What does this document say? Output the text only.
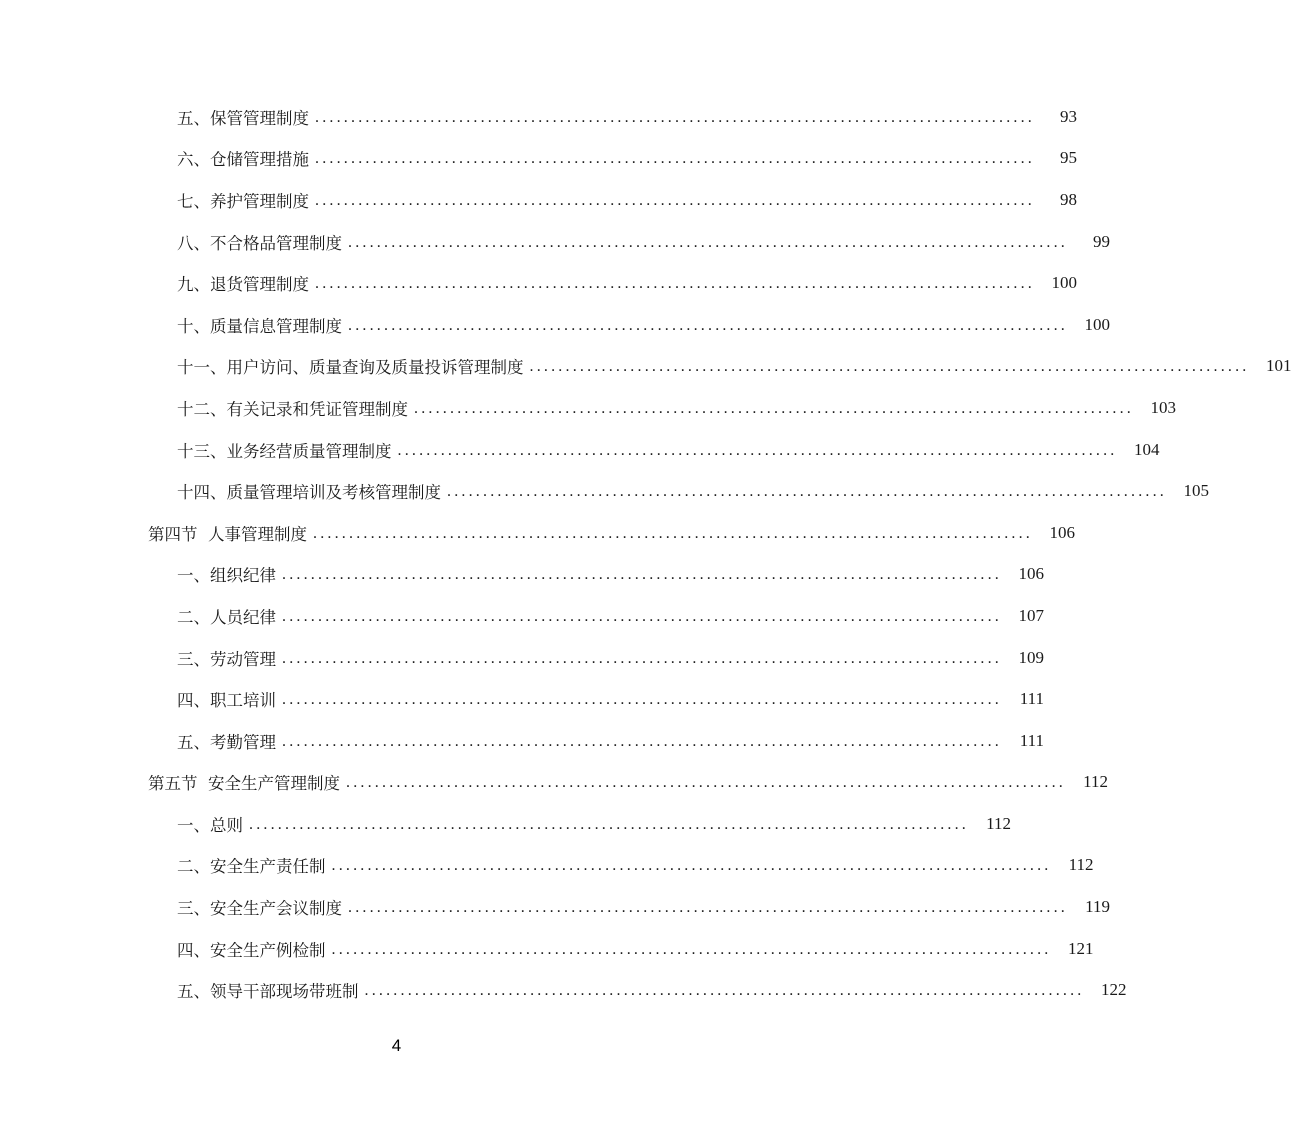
五、保管管理制度 ....................................................................................................	93
六、仓储管理措施 ....................................................................................................	95
七、养护管理制度 ....................................................................................................	98
八、不合格品管理制度 ....................................................................................................	99
九、退货管理制度 .................................................................................................... 100
十、质量信息管理制度 .................................................................................................... 100
十一、用户访问、质量查询及质量投诉管理制度 .................................................................................................... 101
十二、有关记录和凭证管理制度 .................................................................................................... 103
十三、业务经营质量管理制度 .................................................................................................... 104
十四、质量管理培训及考核管理制度 .................................................................................................... 105
第四节  人事管理制度 .................................................................................................... 106
一、组织纪律 .................................................................................................... 106
二、人员纪律 .................................................................................................... 107
三、劳动管理 .................................................................................................... 109
四、职工培训 ....................................................................................................	111
五、考勤管理 ....................................................................................................	111
第五节  安全生产管理制度 ....................................................................................................	112
一、总则 ....................................................................................................	112
二、安全生产责任制 ....................................................................................................	112
三、安全生产会议制度 ....................................................................................................	119
四、安全生产例检制 .................................................................................................... 121
五、领导干部现场带班制 .................................................................................................... 122
4
